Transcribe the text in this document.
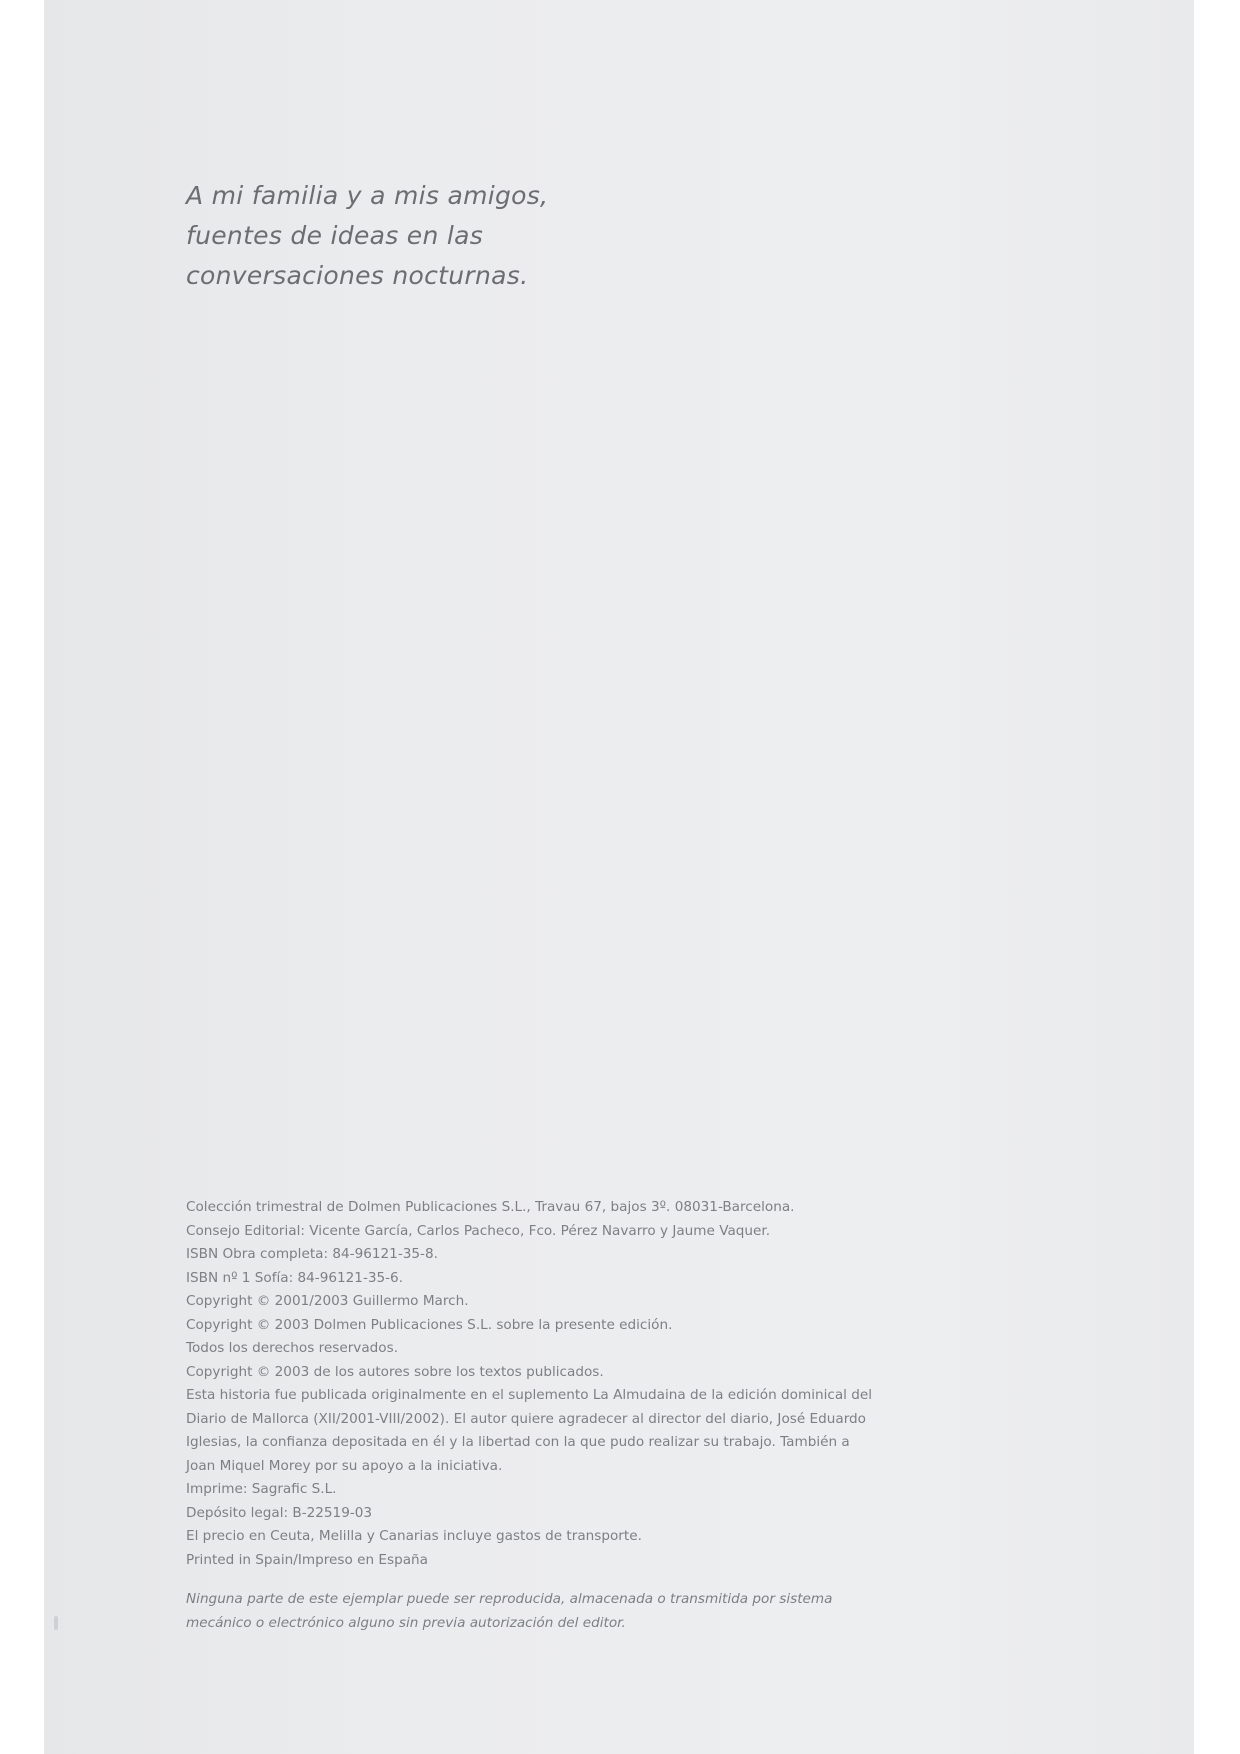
A mi familia y a mis amigos,
fuentes de ideas en las
conversaciones nocturnas.

Colección trimestral de Dolmen Publicaciones S.L., Travau 67, bajos 3º. 08031-Barcelona.
Consejo Editorial: Vicente García, Carlos Pacheco, Fco. Pérez Navarro y Jaume Vaquer.
ISBN Obra completa: 84-96121-35-8.
ISBN nº 1 Sofía: 84-96121-35-6.
Copyright © 2001/2003 Guillermo March.
Copyright © 2003 Dolmen Publicaciones S.L. sobre la presente edición.
Todos los derechos reservados.
Copyright © 2003 de los autores sobre los textos publicados.
Esta historia fue publicada originalmente en el suplemento La Almudaina de la edición dominical del
Diario de Mallorca (XII/2001-VIII/2002). El autor quiere agradecer al director del diario, José Eduardo
Iglesias, la confianza depositada en él y la libertad con la que pudo realizar su trabajo. También a
Joan Miquel Morey por su apoyo a la iniciativa.
Imprime: Sagrafic S.L.
Depósito legal: B-22519-03
El precio en Ceuta, Melilla y Canarias incluye gastos de transporte.
Printed in Spain/Impreso en España

Ninguna parte de este ejemplar puede ser reproducida, almacenada o transmitida por sistema
mecánico o electrónico alguno sin previa autorización del editor.
